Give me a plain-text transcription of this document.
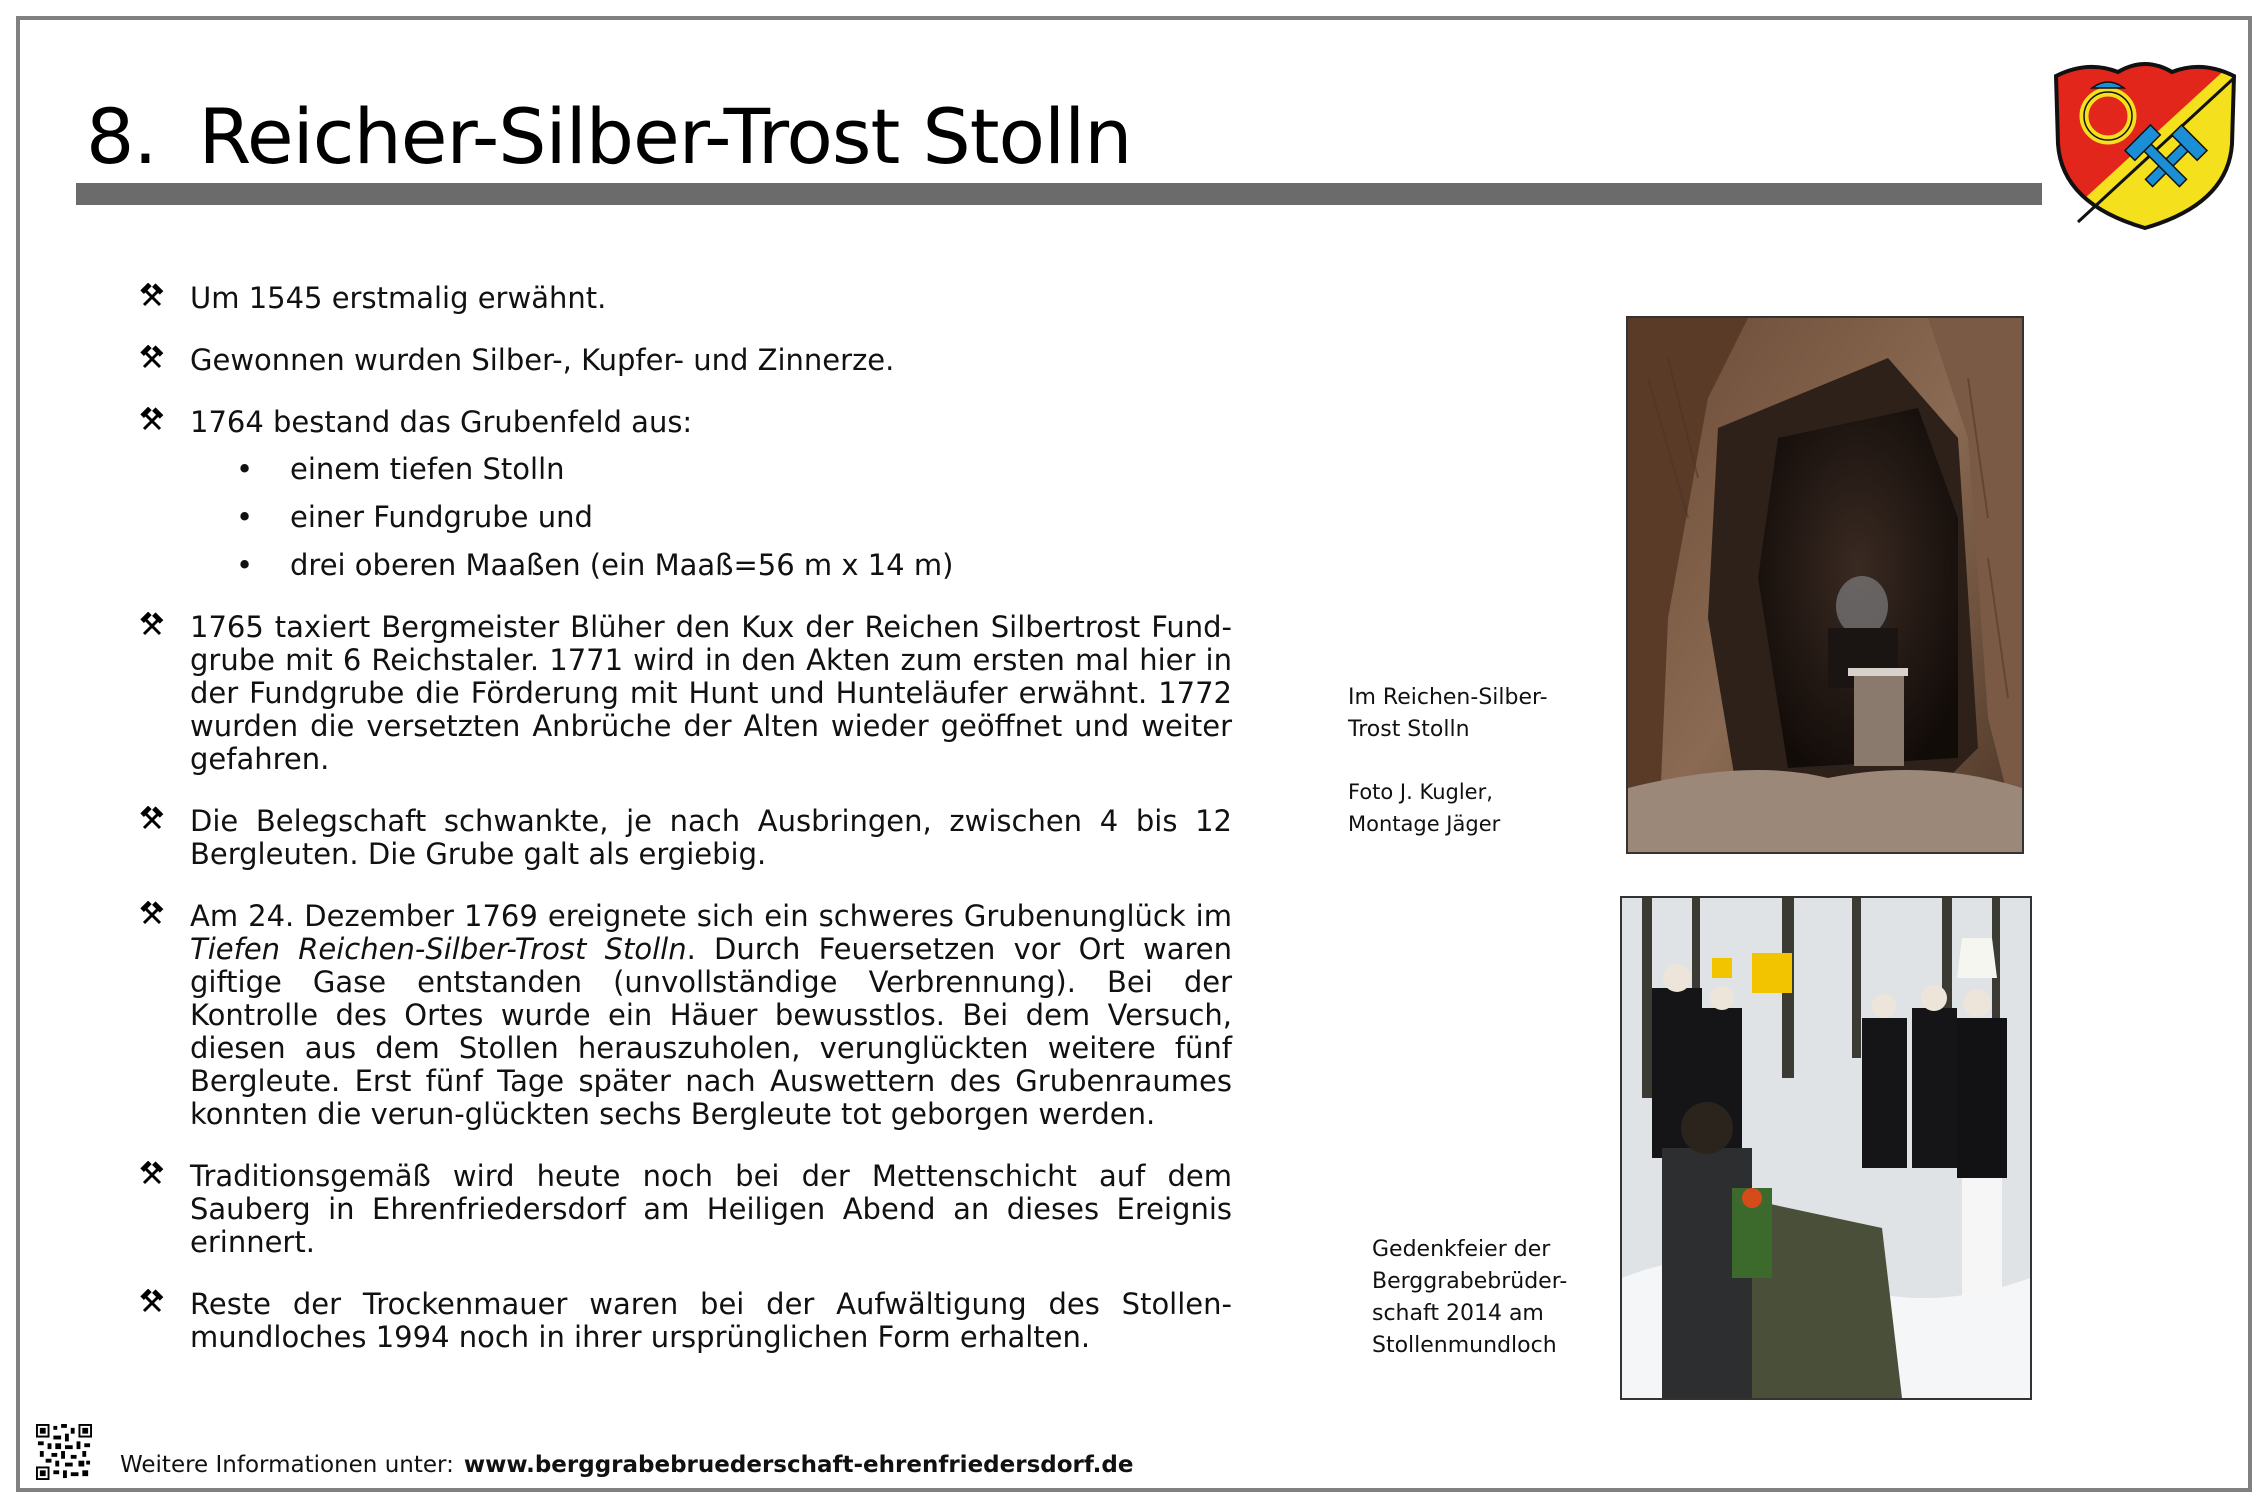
8. Reicher-Silber-Trost Stolln

Um 1545 erstmalig erwähnt.

Gewonnen wurden Silber-, Kupfer- und Zinnerze.

1764 bestand das Grubenfeld aus:

• einem tiefen Stolln
• einer Fundgrube und
• drei oberen Maaßen (ein Maaß=56 m x 14 m)

1765 taxiert Bergmeister Blüher den Kux der Reichen Silbertrost Fund-grube mit 6 Reichstaler. 1771 wird in den Akten zum ersten mal hier in der Fundgrube die Förderung mit Hunt und Hunteläufer erwähnt. 1772 wurden die versetzten Anbrüche der Alten wieder geöffnet und weiter gefahren.

Die Belegschaft schwankte, je nach Ausbringen, zwischen 4 bis 12 Bergleuten. Die Grube galt als ergiebig.

Am 24. Dezember 1769 ereignete sich ein schweres Grubenunglück im Tiefen Reichen-Silber-Trost Stolln. Durch Feuersetzen vor Ort waren giftige Gase entstanden (unvollständige Verbrennung). Bei der Kontrolle des Ortes wurde ein Häuer bewusstlos. Bei dem Versuch, diesen aus dem Stollen herauszuholen, verunglückten weitere fünf Bergleute. Erst fünf Tage später nach Auswettern des Grubenraumes konnten die verun-glückten sechs Bergleute tot geborgen werden.

Traditionsgemäß wird heute noch bei der Mettenschicht auf dem Sauberg in Ehrenfriedersdorf am Heiligen Abend an dieses Ereignis erinnert.

Reste der Trockenmauer waren bei der Aufwältigung des Stollen-mundloches 1994 noch in ihrer ursprünglichen Form erhalten.

Im Reichen-Silber-
Trost Stolln
Foto J. Kugler,
Montage Jäger
Gedenkfeier der
Berggrabebrüder-
schaft 2014 am
Stollenmundloch
Weitere Informationen unter: www.berggrabebruederschaft-ehrenfriedersdorf.de
